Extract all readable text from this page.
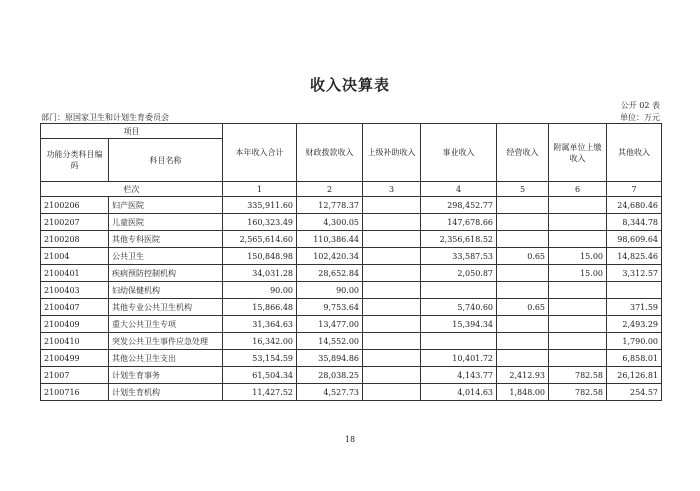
收入决算表
公开 02 表
部门：原国家卫生和计划生育委员会	单位：万元
项目		本年收入合计	财政拨款收入	上级补助收入	事业收入	经营收入	附属单位上缴收入	其他收入
功能分类科目编码	科目名称							
栏次		1	2	3	4	5	6	7
2100206	妇产医院	335,911.60	12,778.37		298,452.77			24,680.46
2100207	儿童医院	160,323.49	4,300.05		147,678.66			8,344.78
2100208	其他专科医院	2,565,614.60	110,386.44		2,356,618.52			98,609.64
21004	公共卫生	150,848.98	102,420.34		33,587.53	0.65	15.00	14,825.46
2100401	疾病预防控制机构	34,031.28	28,652.84		2,050.87		15.00	3,312.57
2100403	妇幼保健机构	90.00	90.00					
2100407	其他专业公共卫生机构	15,866.48	9,753.64		5,740.60	0.65		371.59
2100409	重大公共卫生专项	31,364.63	13,477.00		15,394.34			2,493.29
2100410	突发公共卫生事件应急处理	16,342.00	14,552.00					1,790.00
2100499	其他公共卫生支出	53,154.59	35,894.86		10,401.72			6,858.01
21007	计划生育事务	61,504.34	28,038.25		4,143.77	2,412.93	782.58	26,126.81
2100716	计划生育机构	11,427.52	4,527.73		4,014.63	1,848.00	782.58	254.57
18
